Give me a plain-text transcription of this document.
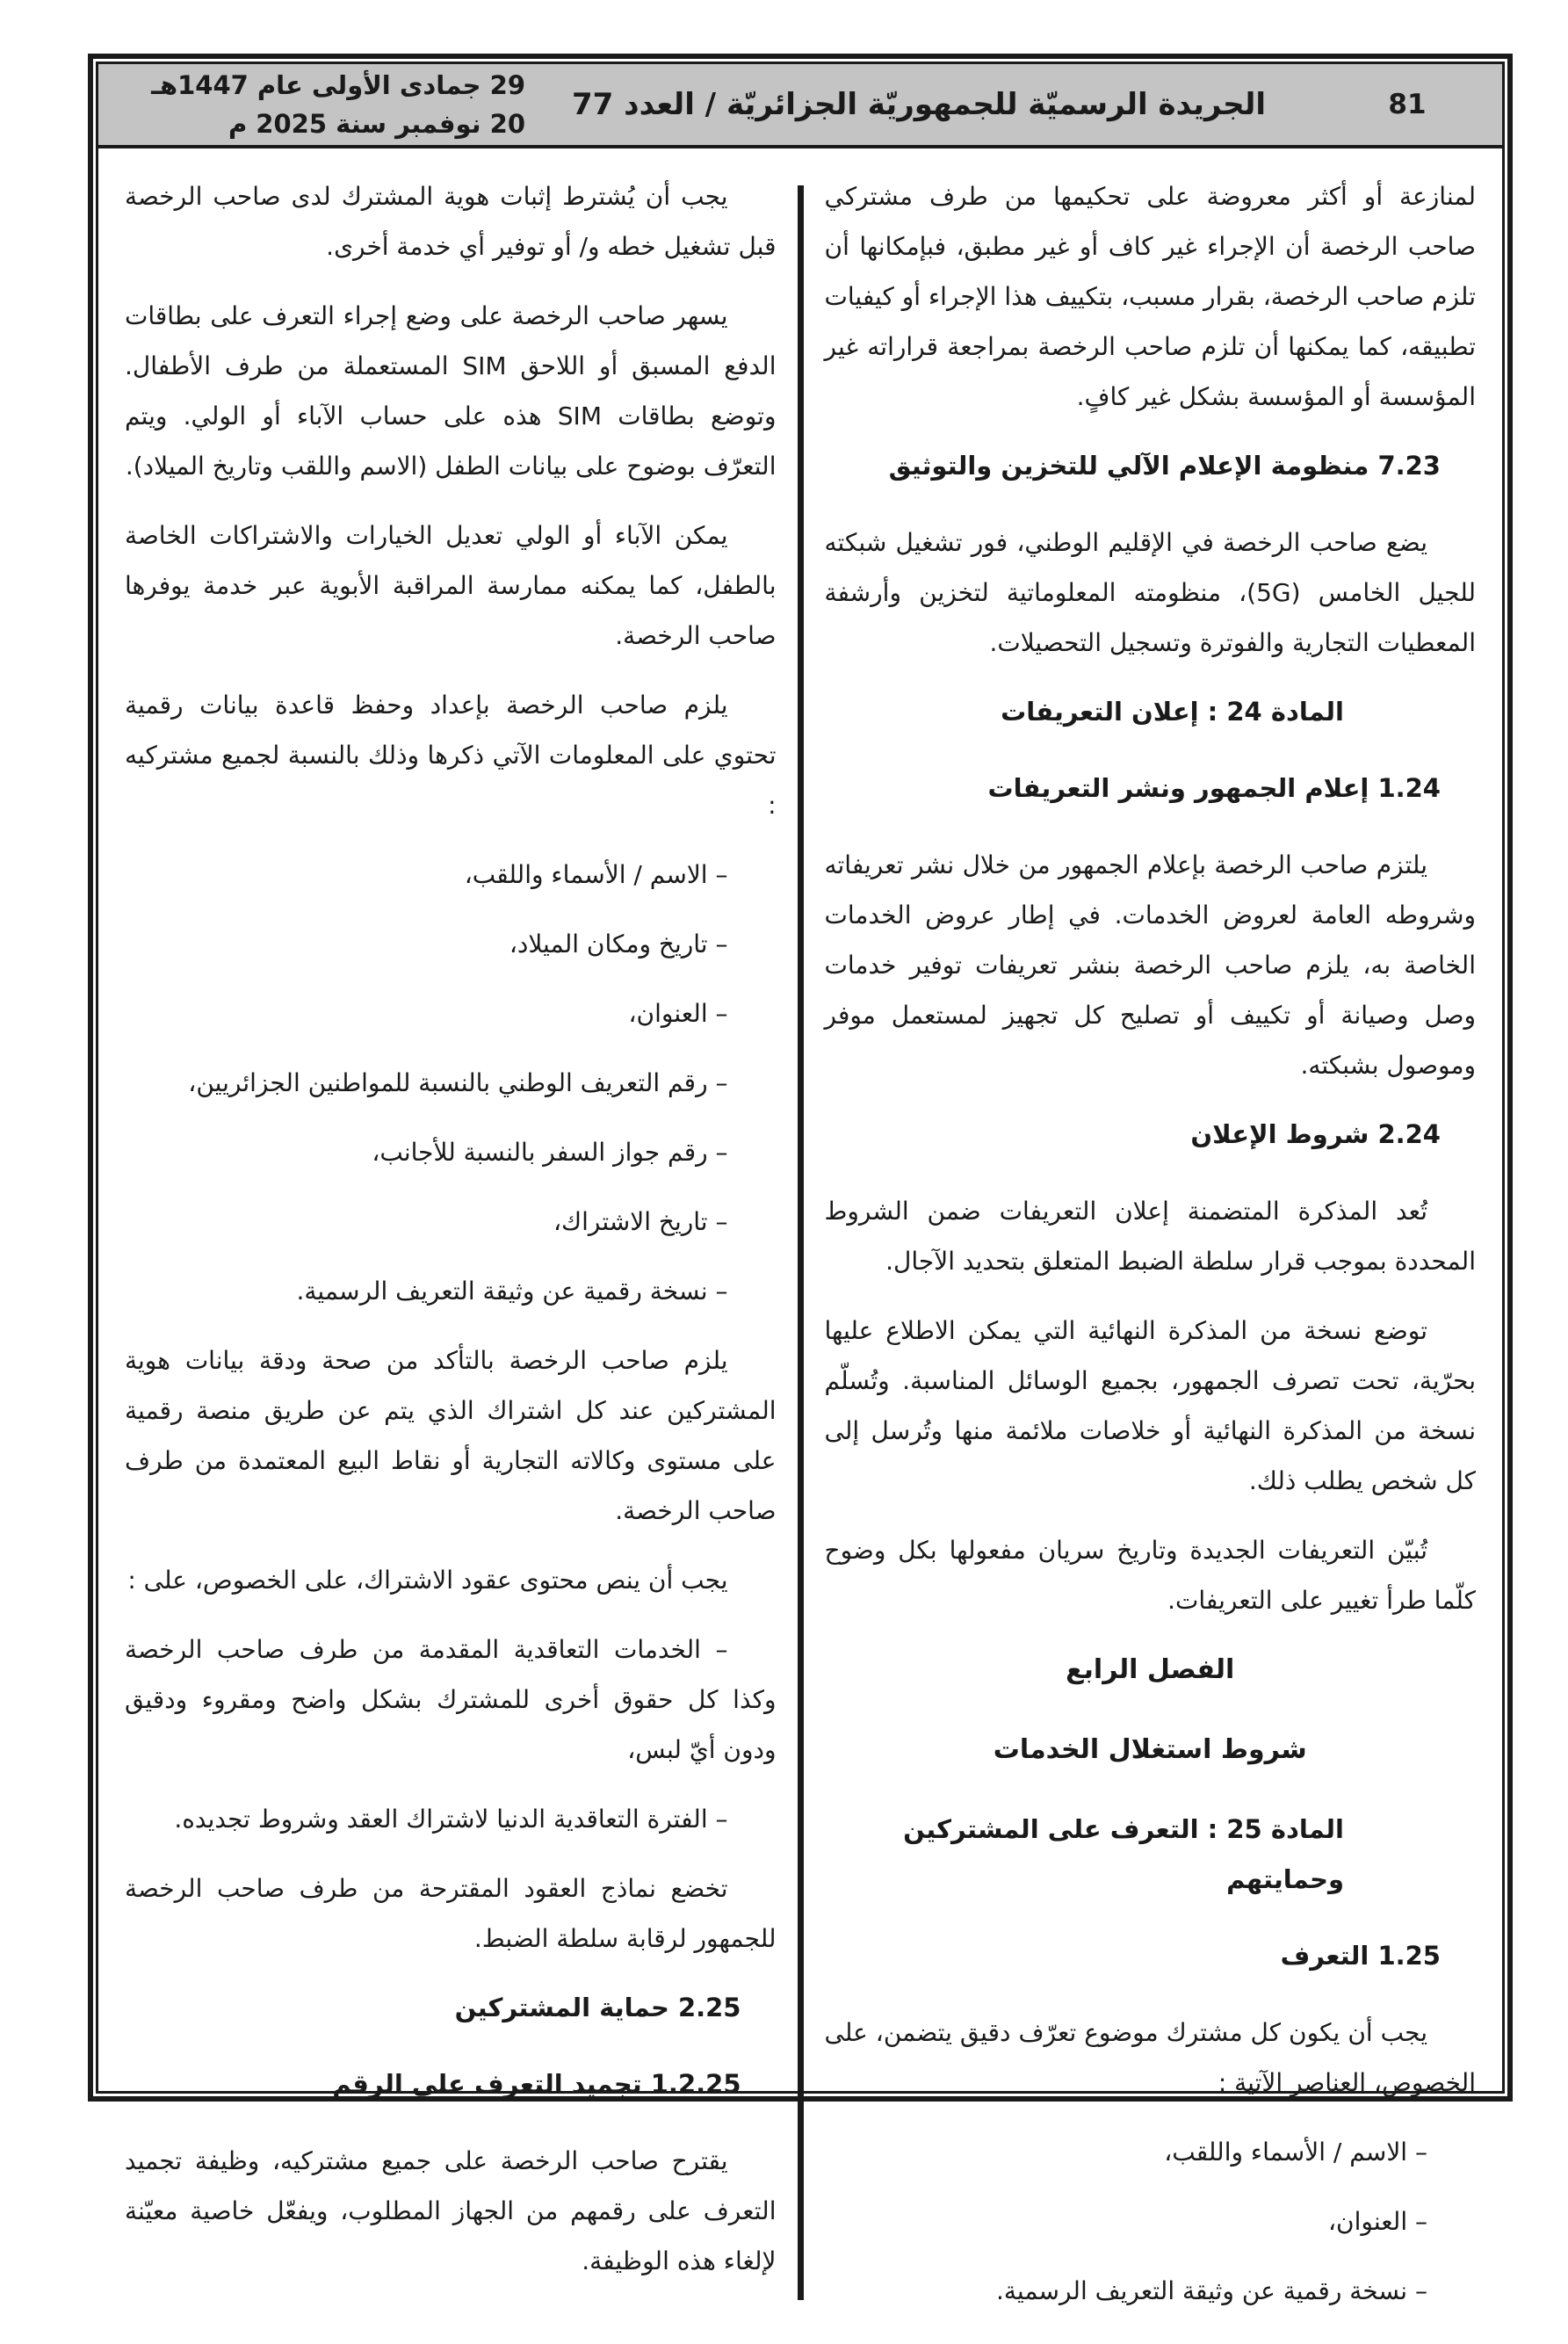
81
الجريدة الرسميّة للجمهوريّة الجزائريّة / العدد 77
29 جمادى الأولى عام 1447هـ
20 نوفمبر سنة 2025 م
لمنازعة أو أكثر معروضة على تحكيمها من طرف مشتركي صاحب الرخصة أن الإجراء غير كاف أو غير مطبق، فبإمكانها أن تلزم صاحب الرخصة، بقرار مسبب، بتكييف هذا الإجراء أو كيفيات تطبيقه، كما يمكنها أن تلزم صاحب الرخصة بمراجعة قراراته غير المؤسسة أو المؤسسة بشكل غير كافٍ.
7.23 منظومة الإعلام الآلي للتخزين والتوثيق
يضع صاحب الرخصة في الإقليم الوطني، فور تشغيل شبكته للجيل الخامس (5G)، منظومته المعلوماتية لتخزين وأرشفة المعطيات التجارية والفوترة وتسجيل التحصيلات.
المادة 24 : إعلان التعريفات
1.24 إعلام الجمهور ونشر التعريفات
يلتزم صاحب الرخصة بإعلام الجمهور من خلال نشر تعريفاته وشروطه العامة لعروض الخدمات. في إطار عروض الخدمات الخاصة به، يلزم صاحب الرخصة بنشر تعريفات توفير خدمات وصل وصيانة أو تكييف أو تصليح كل تجهيز لمستعمل موفر وموصول بشبكته.
2.24 شروط الإعلان
تُعد المذكرة المتضمنة إعلان التعريفات ضمن الشروط المحددة بموجب قرار سلطة الضبط المتعلق بتحديد الآجال.
توضع نسخة من المذكرة النهائية التي يمكن الاطلاع عليها بحرّية، تحت تصرف الجمهور، بجميع الوسائل المناسبة. وتُسلّم نسخة من المذكرة النهائية أو خلاصات ملائمة منها وتُرسل إلى كل شخص يطلب ذلك.
تُبيّن التعريفات الجديدة وتاريخ سريان مفعولها بكل وضوح كلّما طرأ تغيير على التعريفات.
الفصل الرابع
شروط استغلال الخدمات
المادة 25 : التعرف على المشتركين وحمايتهم
1.25 التعرف
يجب أن يكون كل مشترك موضوع تعرّف دقيق يتضمن، على الخصوص، العناصر الآتية :
– الاسم / الأسماء واللقب،
– العنوان،
– نسخة رقمية عن وثيقة التعريف الرسمية.
يجب أن يُشترط إثبات هوية المشترك لدى صاحب الرخصة قبل تشغيل خطه و/ أو توفير أي خدمة أخرى.
يسهر صاحب الرخصة على وضع إجراء التعرف على بطاقات الدفع المسبق أو اللاحق SIM المستعملة من طرف الأطفال. وتوضع بطاقات SIM هذه على حساب الآباء أو الولي. ويتم التعرّف بوضوح على بيانات الطفل (الاسم واللقب وتاريخ الميلاد).
يمكن الآباء أو الولي تعديل الخيارات والاشتراكات الخاصة بالطفل، كما يمكنه ممارسة المراقبة الأبوية عبر خدمة يوفرها صاحب الرخصة.
يلزم صاحب الرخصة بإعداد وحفظ قاعدة بيانات رقمية تحتوي على المعلومات الآتي ذكرها وذلك بالنسبة لجميع مشتركيه :
– الاسم / الأسماء واللقب،
– تاريخ ومكان الميلاد،
– العنوان،
– رقم التعريف الوطني بالنسبة للمواطنين الجزائريين،
– رقم جواز السفر بالنسبة للأجانب،
– تاريخ الاشتراك،
– نسخة رقمية عن وثيقة التعريف الرسمية.
يلزم صاحب الرخصة بالتأكد من صحة ودقة بيانات هوية المشتركين عند كل اشتراك الذي يتم عن طريق منصة رقمية على مستوى وكالاته التجارية أو نقاط البيع المعتمدة من طرف صاحب الرخصة.
يجب أن ينص محتوى عقود الاشتراك، على الخصوص، على :
– الخدمات التعاقدية المقدمة من طرف صاحب الرخصة وكذا كل حقوق أخرى للمشترك بشكل واضح ومقروء ودقيق ودون أيّ لبس،
– الفترة التعاقدية الدنيا لاشتراك العقد وشروط تجديده.
تخضع نماذج العقود المقترحة من طرف صاحب الرخصة للجمهور لرقابة سلطة الضبط.
2.25 حماية المشتركين
1.2.25 تجميد التعرف على الرقم
يقترح صاحب الرخصة على جميع مشتركيه، وظيفة تجميد التعرف على رقمهم من الجهاز المطلوب، ويفعّل خاصية معيّنة لإلغاء هذه الوظيفة.
